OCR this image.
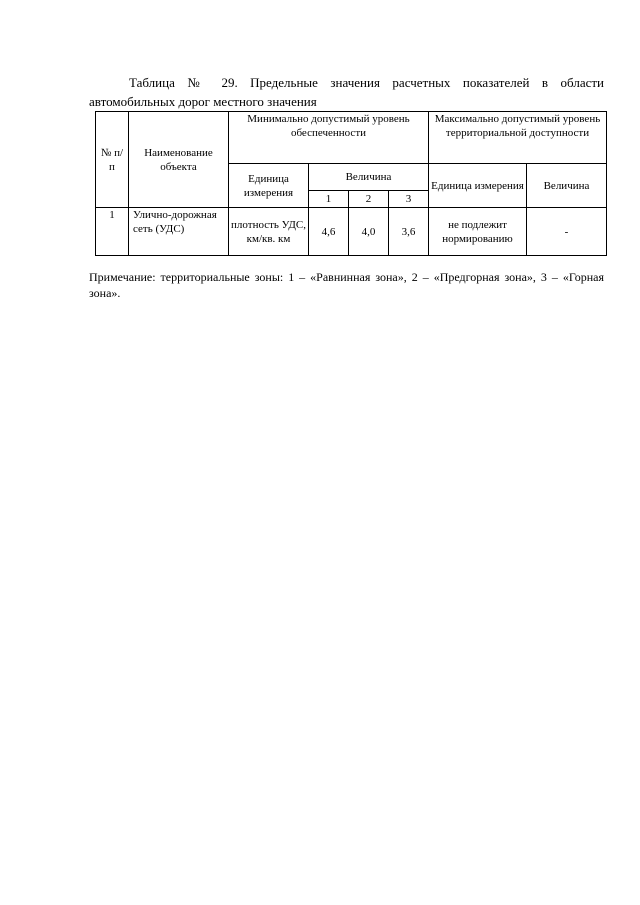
Таблица № 29. Предельные значения расчетных показателей в области автомобильных дорог местного значения

№ п/п	Наименование объекта	Минимально допустимый уровень обеспеченности				Максимально допустимый уровень территориальной доступности	
		Единица измерения	Величина			Единица измерения	Величина
			1	2	3		
1	Улично-дорожная сеть (УДС)	плотность УДС, км/кв. км	4,6	4,0	3,6	не подлежит нормированию	-

Примечание: территориальные зоны: 1 – «Равнинная зона», 2 – «Предгорная зона», 3 – «Горная зона».
